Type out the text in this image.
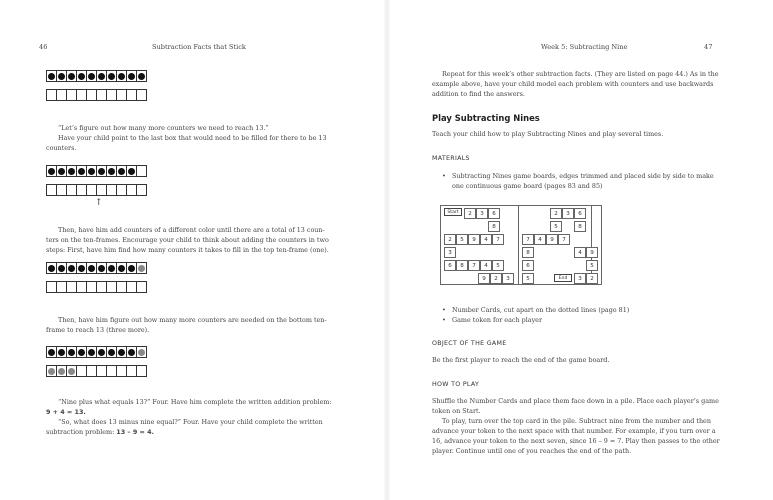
46	Subtraction Facts that Stick
“Let’s figure out how many more counters we need to reach 13.”
Have your child point to the last box that would need to be filled for there to be 13
counters.
↑
Then, have him add counters of a different color until there are a total of 13 coun-
ters on the ten-frames. Encourage your child to think about adding the counters in two
steps: First, have him find how many counters it takes to fill in the top ten-frame (one).
Then, have him figure out how many more counters are needed on the bottom ten-
frame to reach 13 (three more).
“Nine plus what equals 13?” Four. Have him complete the written addition problem:
9 + 4 = 13.
“So, what does 13 minus nine equal?” Four. Have your child complete the written
subtraction problem: 13 – 9 = 4.
Week 5: Subtracting Nine	47
Repeat for this week’s other subtraction facts. (They are listed on page 44.) As in the
example above, have your child model each problem with counters and use backwards
addition to find the answers.
Play Subtracting Nines
Teach your child how to play Subtracting Nines and play several times.
MATERIALS
• Subtracting Nines game boards, edges trimmed and placed side by side to make
one continuous game board (pages 83 and 85)
Start
End
2	3	6
8
2	5	9	4	7
3
6	8	7	4	5
9	2	3
2	3	6
5	8
7	4	9	7
8	4	9
6	5
5	3	2
• Number Cards, cut apart on the dotted lines (page 81)
• Game token for each player
OBJECT OF THE GAME
Be the first player to reach the end of the game board.
HOW TO PLAY
Shuffle the Number Cards and place them face down in a pile. Place each player’s game
token on Start.
To play, turn over the top card in the pile. Subtract nine from the number and then
advance your token to the next space with that number. For example, if you turn over a
16, advance your token to the next seven, since 16 – 9 = 7. Play then passes to the other
player. Continue until one of you reaches the end of the path.
